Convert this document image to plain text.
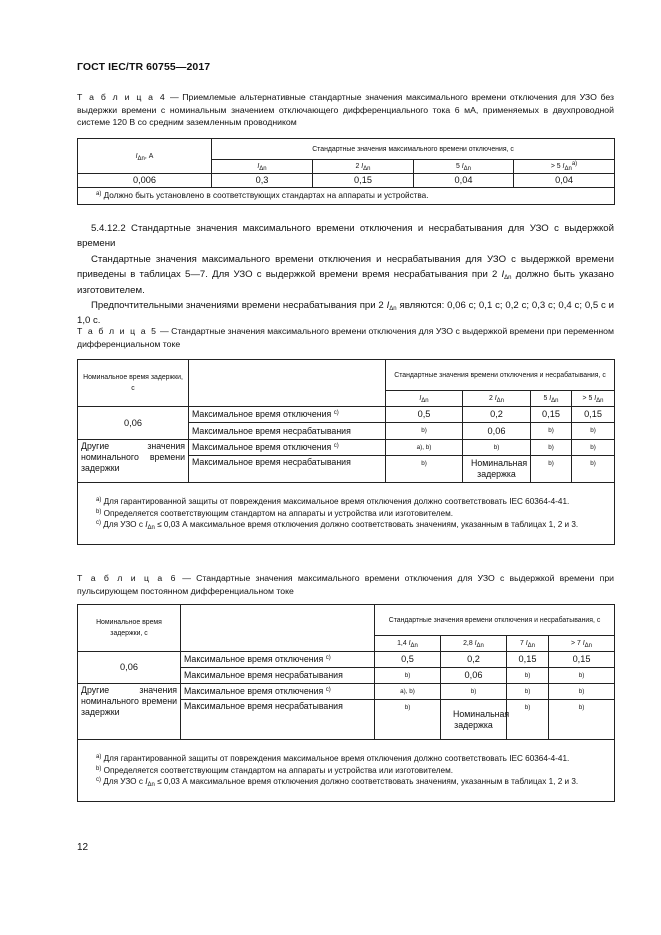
ГОСТ IEC/TR 60755—2017
Т а б л и ц а 4 — Приемлемые альтернативные стандартные значения максимального времени отключения для УЗО без выдержки времени с номинальным значением отключающего дифференциального тока 6 мА, применяемых в двухпроводной системе 120 В со средним заземленным проводником
$I_{\Delta n}$, А	Стандартные значения максимального времени отключения, с			
	$I_{\Delta n}$	2 $I_{\Delta n}$	5 $I_{\Delta n}$	> 5 $I_{\Delta n}^{a)}$
0,006	0,3	0,15	0,04	0,04
$^{a)}$ Должно быть установлено в соответствующих стандартах на аппараты и устройства.				

5.4.12.2 Стандартные значения максимального времени отключения и несрабатывания для УЗО с выдержкой времени

Стандартные значения максимального времени отключения и несрабатывания для УЗО с выдержкой времени приведены в таблицах 5—7. Для УЗО с выдержкой времени время несрабатывания при 2 $I_{\Delta n}$ должно быть указано изготовителем.

Предпочтительными значениями времени несрабатывания при 2 $I_{\Delta n}$ являются: 0,06 с; 0,1 с; 0,2 с; 0,3 с; 0,4 с; 0,5 с и 1,0 с.

Т а б л и ц а 5 — Стандартные значения максимального времени отключения для УЗО с выдержкой времени при переменном дифференциальном токе
Номинальное время задержки, с		Стандартные значения времени отключения и несрабатывания, с			
		$I_{\Delta n}$	2 $I_{\Delta n}$	5 $I_{\Delta n}$	> 5 $I_{\Delta n}$
0,06	Максимальное время отключения $^{c)}$	0,5	0,2	0,15	0,15
	Максимальное время несрабатывания	b)	0,06	b)	b)
Другие значения номинального времени задержки	Максимальное время отключения $^{c)}$	a), b)	b)	b)	b)
	Максимальное время несрабатывания	b)	Номинальная задержка	b)	b)

$^{a)}$ Для гарантированной защиты от повреждения максимальное время отключения должно соответствовать IEC 60364-4-41.

$^{b)}$ Определяется соответствующим стандартом на аппараты и устройства или изготовителем.

$^{c)}$ Для УЗО с $I_{\Delta n} \le 0,03$ А максимальное время отключения должно соответствовать значениям, указанным в таблицах 1, 2 и 3.					

Т а б л и ц а 6 — Стандартные значения максимального времени отключения для УЗО с выдержкой времени при пульсирующем постоянном дифференциальном токе
Номинальное время задержки, с		Стандартные значения времени отключения и несрабатывания, с			
		1,4 $I_{\Delta n}$	2,8 $I_{\Delta n}$	7 $I_{\Delta n}$	> 7 $I_{\Delta n}$
0,06	Максимальное время отключения $^{c)}$	0,5	0,2	0,15	0,15
	Максимальное время несрабатывания	b)	0,06	b)	b)
Другие значения номинального времени задержки	Максимальное время отключения $^{c)}$	a), b)	b)	b)	b)
	Максимальное время несрабатывания	b)	Номинальная задержка	b)	b)

$^{a)}$ Для гарантированной защиты от повреждения максимальное время отключения должно соответствовать IEC 60364-4-41.

$^{b)}$ Определяется соответствующим стандартом на аппараты и устройства или изготовителем.

$^{c)}$ Для УЗО с $I_{\Delta n} \le 0,03$ А максимальное время отключения должно соответствовать значениям, указанным в таблицах 1, 2 и 3.					

12
